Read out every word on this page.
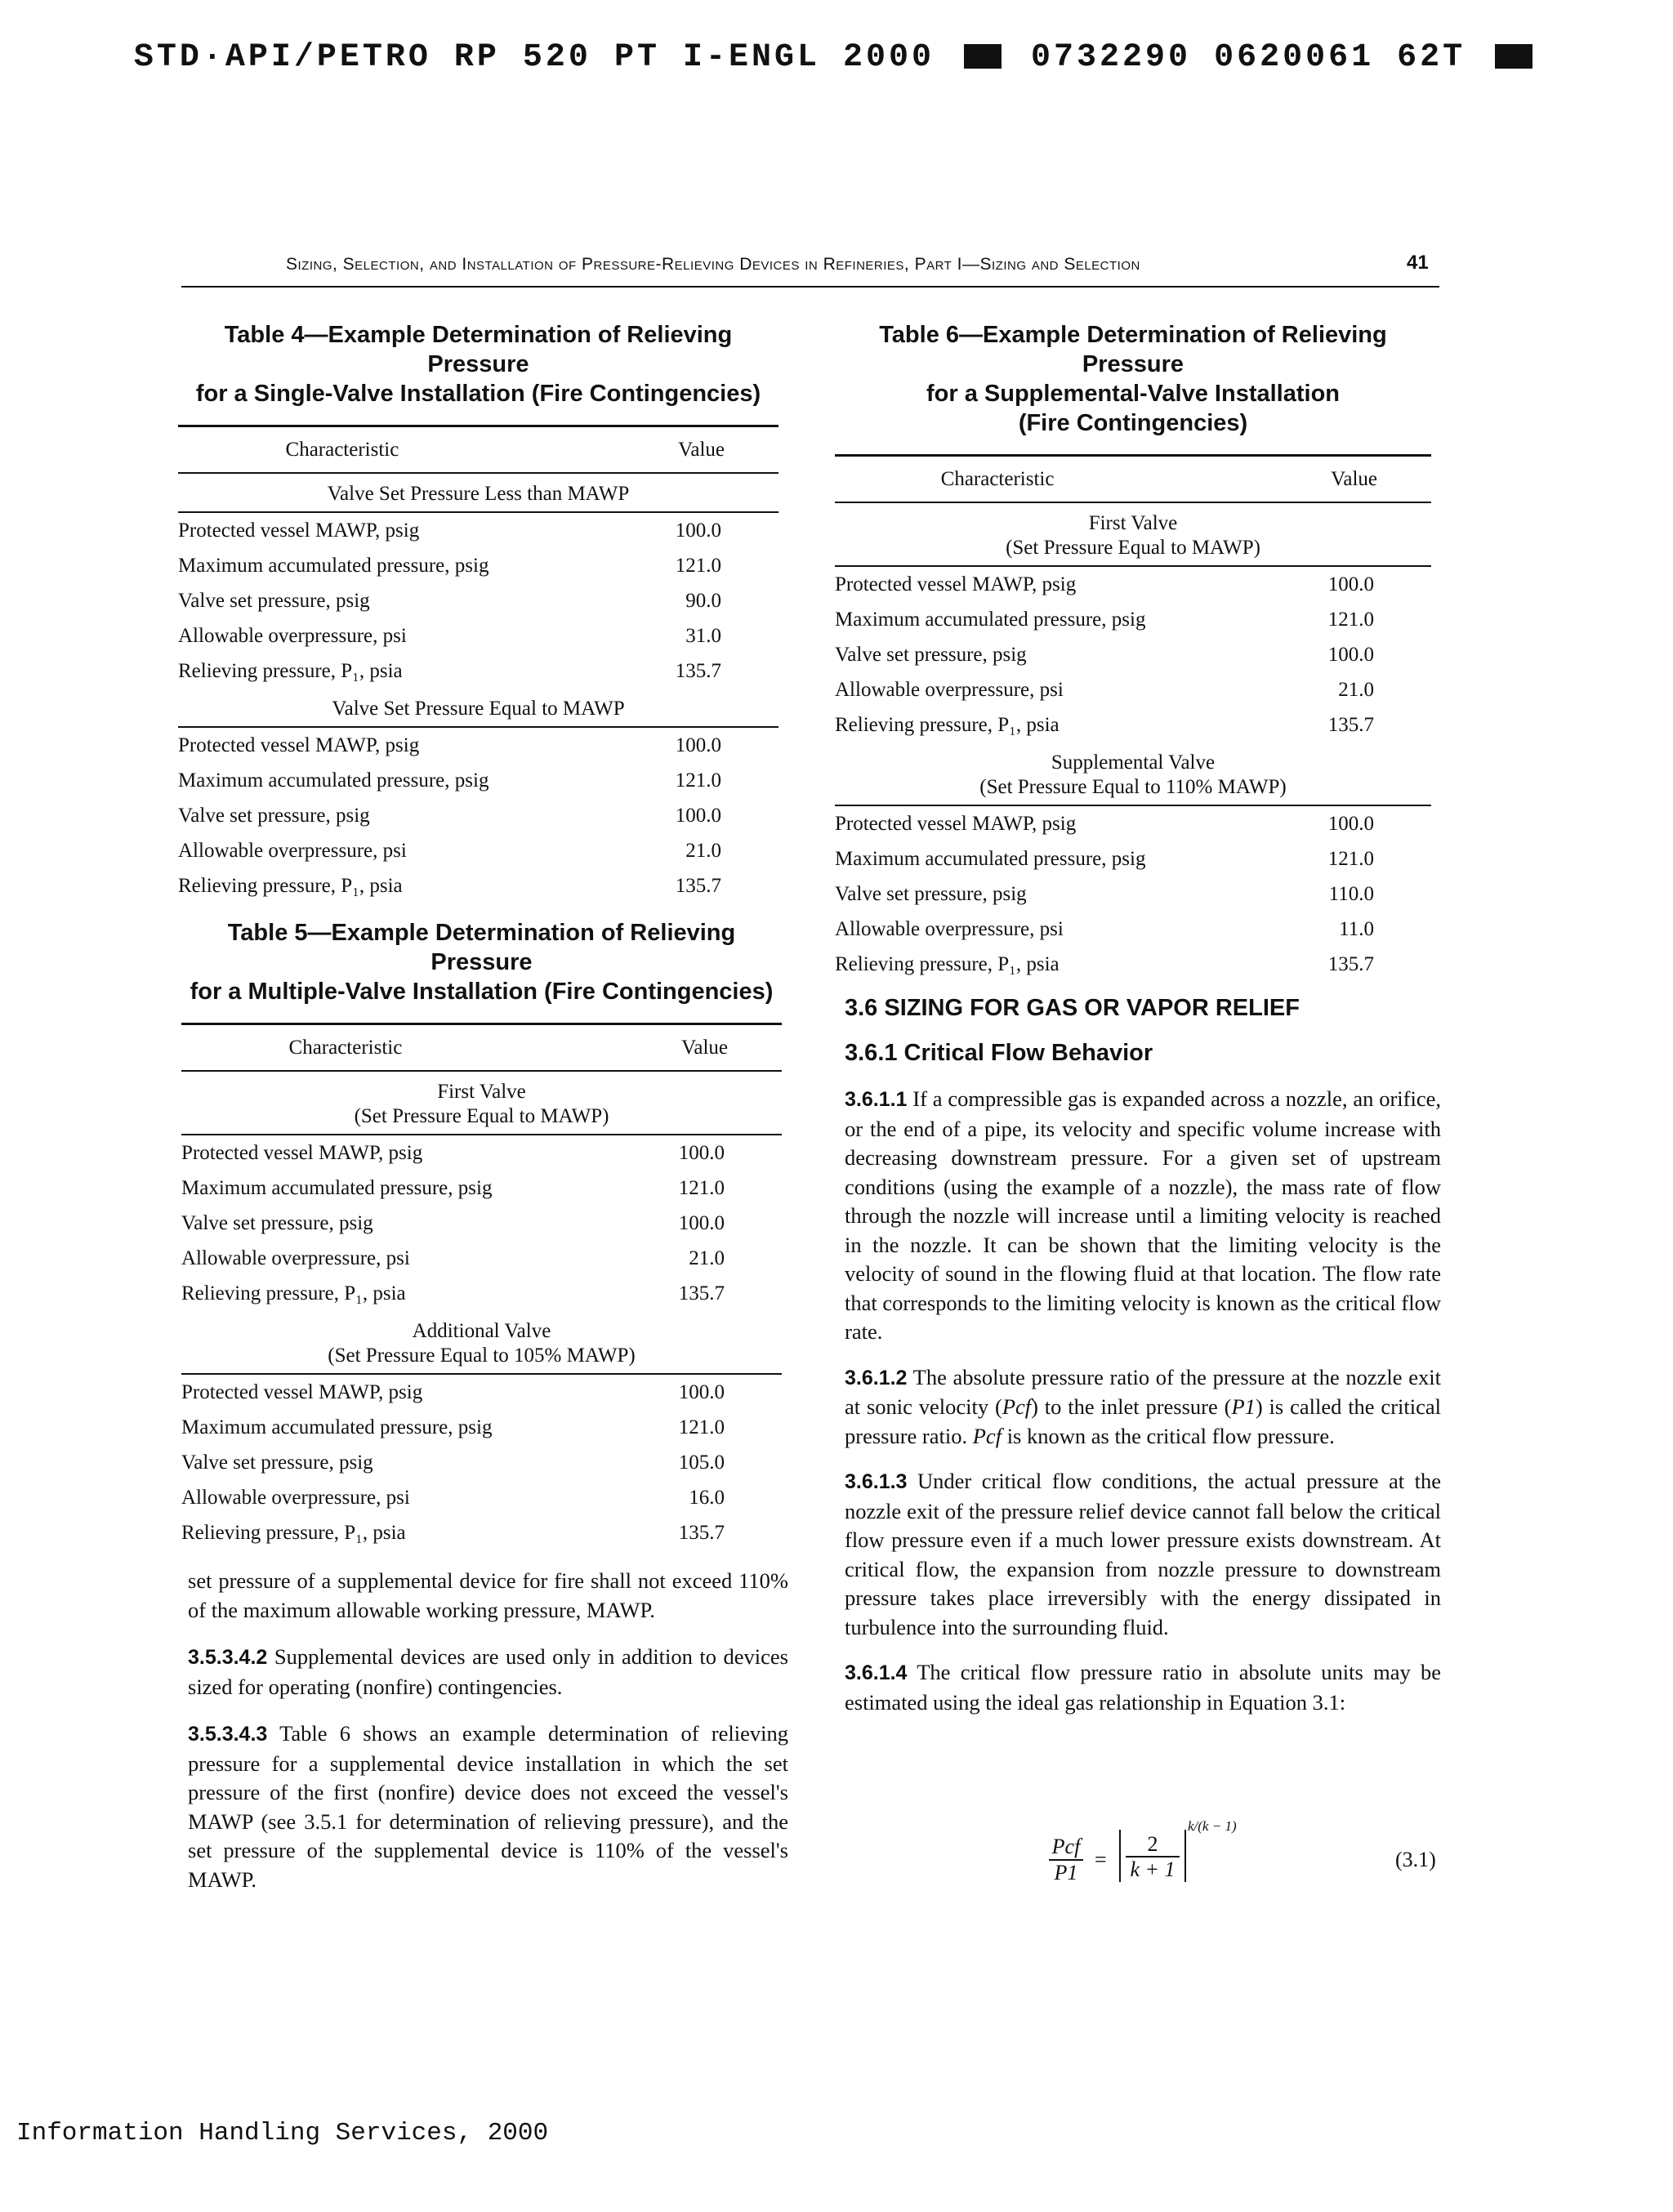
STD·API/PETRO RP 520 PT I-ENGL 2000	0732290 0620061 62T
Sizing, Selection, and Installation of Pressure-Relieving Devices in Refineries, Part I—Sizing and Selection	41
Table 4—Example Determination of Relieving Pressure
for a Single-Valve Installation (Fire Contingencies)
Characteristic	Value
Valve Set Pressure Less than MAWP	
Protected vessel MAWP, psig	100.0
Maximum accumulated pressure, psig	121.0
Valve set pressure, psig	90.0
Allowable overpressure, psi	31.0
Relieving pressure, P₁, psia	135.7
Valve Set Pressure Equal to MAWP	
Protected vessel MAWP, psig	100.0
Maximum accumulated pressure, psig	121.0
Valve set pressure, psig	100.0
Allowable overpressure, psi	21.0
Relieving pressure, P₁, psia	135.7
Table 5—Example Determination of Relieving Pressure
for a Multiple-Valve Installation (Fire Contingencies)
Characteristic	Value

First Valve
(Set Pressure Equal to MAWP)	

Protected vessel MAWP, psig	100.0
Maximum accumulated pressure, psig	121.0
Valve set pressure, psig	100.0
Allowable overpressure, psi	21.0
Relieving pressure, P₁, psia	135.7

Additional Valve
(Set Pressure Equal to 105% MAWP)	

Protected vessel MAWP, psig	100.0
Maximum accumulated pressure, psig	121.0
Valve set pressure, psig	105.0
Allowable overpressure, psi	16.0
Relieving pressure, P₁, psia	135.7

set pressure of a supplemental device for fire shall not exceed 110% of the maximum allowable working pressure, MAWP.

3.5.3.4.2 Supplemental devices are used only in addition to devices sized for operating (nonfire) contingencies.

3.5.3.4.3 Table 6 shows an example determination of relieving pressure for a supplemental device installation in which the set pressure of the first (nonfire) device does not exceed the vessel's MAWP (see 3.5.1 for determination of relieving pressure), and the set pressure of the supplemental device is 110% of the vessel's MAWP.

Table 6—Example Determination of Relieving Pressure
for a Supplemental-Valve Installation
(Fire Contingencies)
Characteristic	Value

First Valve
(Set Pressure Equal to MAWP)	

Protected vessel MAWP, psig	100.0
Maximum accumulated pressure, psig	121.0
Valve set pressure, psig	100.0
Allowable overpressure, psi	21.0
Relieving pressure, P₁, psia	135.7

Supplemental Valve
(Set Pressure Equal to 110% MAWP)	

Protected vessel MAWP, psig	100.0
Maximum accumulated pressure, psig	121.0
Valve set pressure, psig	110.0
Allowable overpressure, psi	11.0
Relieving pressure, P₁, psia	135.7
3.6 SIZING FOR GAS OR VAPOR RELIEF
3.6.1 Critical Flow Behavior

3.6.1.1 If a compressible gas is expanded across a nozzle, an orifice, or the end of a pipe, its velocity and specific volume increase with decreasing downstream pressure. For a given set of upstream conditions (using the example of a nozzle), the mass rate of flow through the nozzle will increase until a limiting velocity is reached in the nozzle. It can be shown that the limiting velocity is the velocity of sound in the flowing fluid at that location. The flow rate that corresponds to the limiting velocity is known as the critical flow rate.

3.6.1.2 The absolute pressure ratio of the pressure at the nozzle exit at sonic velocity (Pcf) to the inlet pressure (P1) is called the critical pressure ratio. Pcf is known as the critical flow pressure.

3.6.1.3 Under critical flow conditions, the actual pressure at the nozzle exit of the pressure relief device cannot fall below the critical flow pressure even if a much lower pressure exists downstream. At critical flow, the expansion from nozzle pressure to downstream pressure takes place irreversibly with the energy dissipated in turbulence into the surrounding fluid.

3.6.1.4 The critical flow pressure ratio in absolute units may be estimated using the ideal gas relationship in Equation 3.1:

Pcf
P1
= $\frac{2}{k + 1}$
k/(k − 1)
(3.1)
Information Handling Services, 2000
